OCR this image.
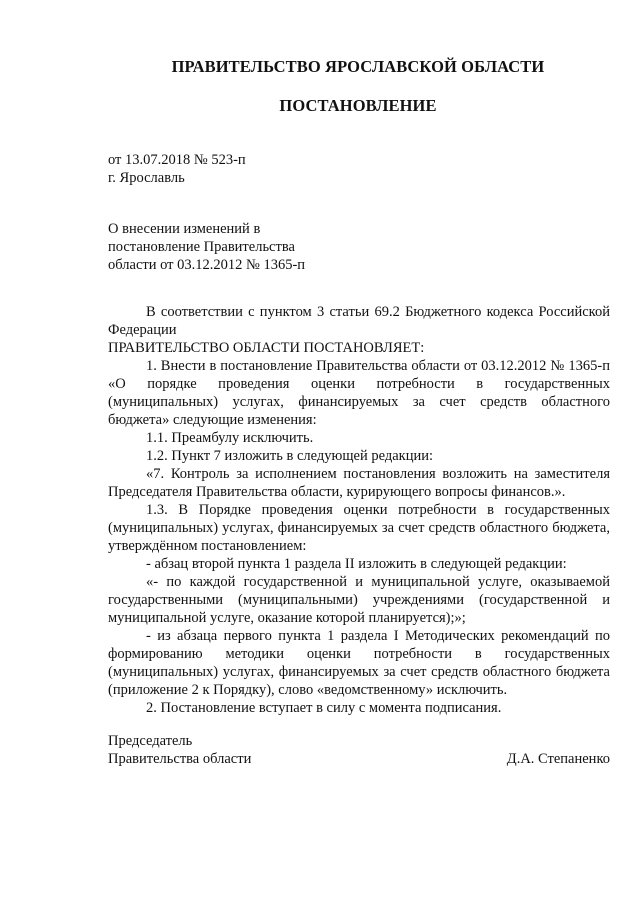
ПРАВИТЕЛЬСТВО ЯРОСЛАВСКОЙ ОБЛАСТИ
ПОСТАНОВЛЕНИЕ
от 13.07.2018 № 523-п
г. Ярославль
О внесении изменений в
постановление Правительства
области от 03.12.2012 № 1365-п

В соответствии с пунктом 3 статьи 69.2 Бюджетного кодекса Российской Федерации

ПРАВИТЕЛЬСТВО ОБЛАСТИ ПОСТАНОВЛЯЕТ:

1. Внести в постановление Правительства области от 03.12.2012 № 1365-п «О порядке проведения оценки потребности в государственных (муниципальных) услугах, финансируемых за счет средств областного бюджета» следующие изменения:

1.1. Преамбулу исключить.

1.2. Пункт 7 изложить в следующей редакции:

«7. Контроль за исполнением постановления возложить на заместителя Председателя Правительства области, курирующего вопросы финансов.».

1.3. В Порядке проведения оценки потребности в государственных (муниципальных) услугах, финансируемых за счет средств областного бюджета, утверждённом постановлением:

- абзац второй пункта 1 раздела II изложить в следующей редакции:

«- по каждой государственной и муниципальной услуге, оказываемой государственными (муниципальными) учреждениями (государственной и муниципальной услуге, оказание которой планируется);»;

- из абзаца первого пункта 1 раздела I Методических рекомендаций по формированию методики оценки потребности в государственных (муниципальных) услугах, финансируемых за счет средств областного бюджета (приложение 2 к Порядку), слово «ведомственному» исключить.

2. Постановление вступает в силу с момента подписания.

Председатель
Правительства области	Д.А. Степаненко
